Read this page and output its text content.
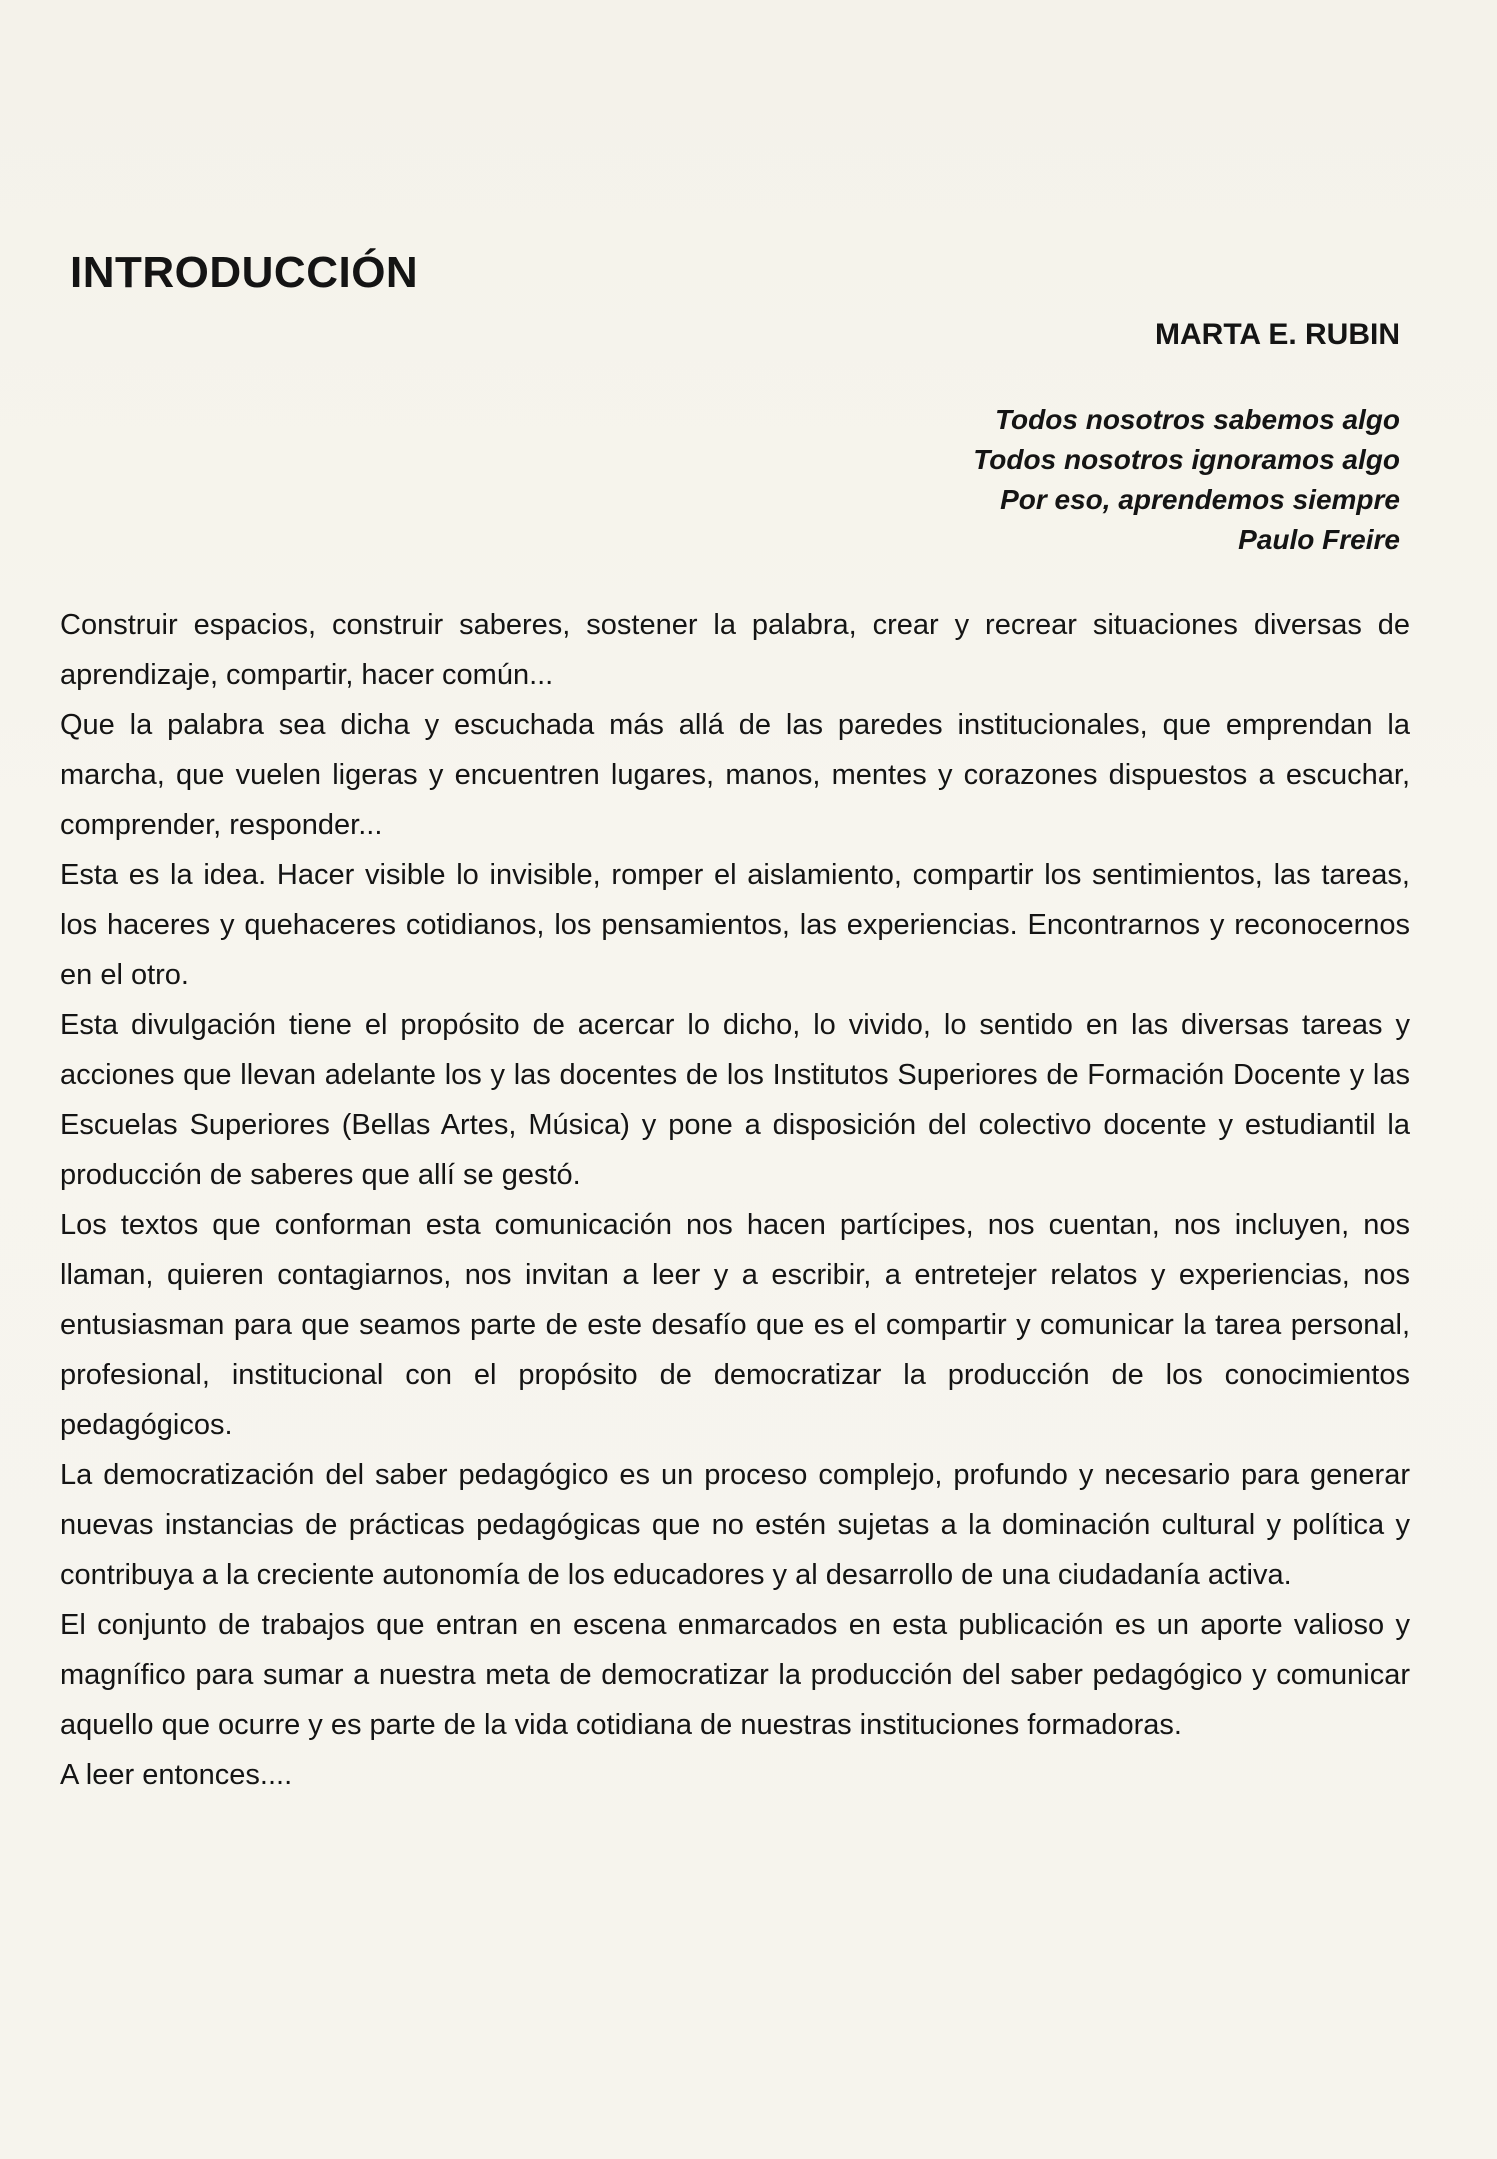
INTRODUCCIÓN
MARTA E. RUBIN
Todos nosotros sabemos algo
Todos nosotros ignoramos algo
Por eso, aprendemos siempre
Paulo Freire

Construir espacios, construir saberes, sostener la palabra, crear y recrear situaciones diversas de aprendizaje, compartir, hacer común...

Que la palabra sea dicha y escuchada más allá de las paredes institucionales, que emprendan la marcha, que vuelen ligeras y encuentren lugares, manos, mentes y corazones dispuestos a escuchar, comprender, responder...

Esta es la idea. Hacer visible lo invisible, romper el aislamiento, compartir los sentimientos, las tareas, los haceres y quehaceres cotidianos, los pensamientos, las experiencias. Encontrarnos y reconocernos en el otro.

Esta divulgación tiene el propósito de acercar lo dicho, lo vivido, lo sentido en las diversas tareas y acciones que llevan adelante los y las docentes de los Institutos Superiores de Formación Docente y las Escuelas Superiores (Bellas Artes, Música) y pone a disposición del colectivo docente y estudiantil la producción de saberes que allí se gestó.

Los textos que conforman esta comunicación nos hacen partícipes, nos cuentan, nos incluyen, nos llaman, quieren contagiarnos, nos invitan a leer y a escribir, a entretejer relatos y experiencias, nos entusiasman para que seamos parte de este desafío que es el compartir y comunicar la tarea personal, profesional, institucional con el propósito de democratizar la producción de los conocimientos pedagógicos.

La democratización del saber pedagógico es un proceso complejo, profundo y necesario para generar nuevas instancias de prácticas pedagógicas que no estén sujetas a la dominación cultural y política y contribuya a la creciente autonomía de los educadores y al desarrollo de una ciudadanía activa.

El conjunto de trabajos que entran en escena enmarcados en esta publicación es un aporte valioso y magnífico para sumar a nuestra meta de democratizar la producción del saber pedagógico y comunicar aquello que ocurre y es parte de la vida cotidiana de nuestras instituciones formadoras.

A leer entonces....
